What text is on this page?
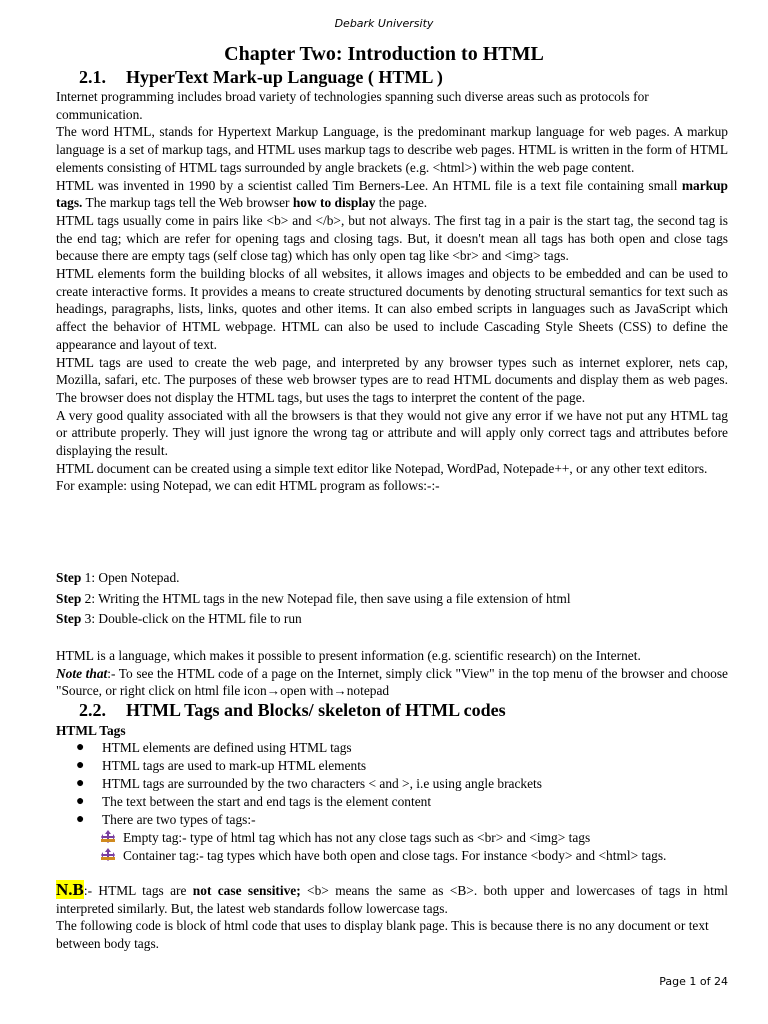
Debark University
Chapter Two: Introduction to HTML
2.1. HyperText Mark-up Language ( HTML )

Internet programming includes broad variety of technologies spanning such diverse areas such as protocols for communication.

The word HTML, stands for Hypertext Markup Language, is the predominant markup language for web pages. A markup language is a set of markup tags, and HTML uses markup tags to describe web pages. HTML is written in the form of HTML elements consisting of HTML tags surrounded by angle brackets (e.g. <html>) within the web page content.

HTML was invented in 1990 by a scientist called Tim Berners-Lee. An HTML file is a text file containing small markup tags. The markup tags tell the Web browser how to display the page.

HTML tags usually come in pairs like <b> and </b>, but not always. The first tag in a pair is the start tag, the second tag is the end tag; which are refer for opening tags and closing tags. But, it doesn't mean all tags has both open and close tags because there are empty tags (self close tag) which has only open tag like <br> and <img> tags.

HTML elements form the building blocks of all websites, it allows images and objects to be embedded and can be used to create interactive forms. It provides a means to create structured documents by denoting structural semantics for text such as headings, paragraphs, lists, links, quotes and other items. It can also embed scripts in languages such as JavaScript which affect the behavior of HTML webpage. HTML can also be used to include Cascading Style Sheets (CSS) to define the appearance and layout of text.

HTML tags are used to create the web page, and interpreted by any browser types such as internet explorer, nets cap, Mozilla, safari, etc. The purposes of these web browser types are to read HTML documents and display them as web pages. The browser does not display the HTML tags, but uses the tags to interpret the content of the page.

A very good quality associated with all the browsers is that they would not give any error if we have not put any HTML tag or attribute properly. They will just ignore the wrong tag or attribute and will apply only correct tags and attributes before displaying the result.

HTML document can be created using a simple text editor like Notepad, WordPad, Notepade++, or any other text editors.

For example: using Notepad, we can edit HTML program as follows:-:-

Step 1: Open Notepad.

Step 2: Writing the HTML tags in the new Notepad file, then save using a file extension of html

Step 3: Double-click on the HTML file to run

HTML is a language, which makes it possible to present information (e.g. scientific research) on the Internet.

Note that:- To see the HTML code of a page on the Internet, simply click "View" in the top menu of the browser and choose "Source, or right click on html file icon→open with→notepad

2.2. HTML Tags and Blocks/ skeleton of HTML codes
HTML Tags
●	HTML elements are defined using HTML tags
●	HTML tags are used to mark-up HTML elements
●	HTML tags are surrounded by the two characters < and >, i.e using angle brackets
●	The text between the start and end tags is the element content
●	There are two types of tags:-
Empty tag:- type of html tag which has not any close tags such as <br> and <img> tags
Container tag:- tag types which have both open and close tags. For instance <body> and <html> tags.

N.B:- HTML tags are not case sensitive; <b> means the same as <B>. both upper and lowercases of tags in html interpreted similarly. But, the latest web standards follow lowercase tags.

The following code is block of html code that uses to display blank page. This is because there is no any document or text between body tags.

Page 1 of 24
